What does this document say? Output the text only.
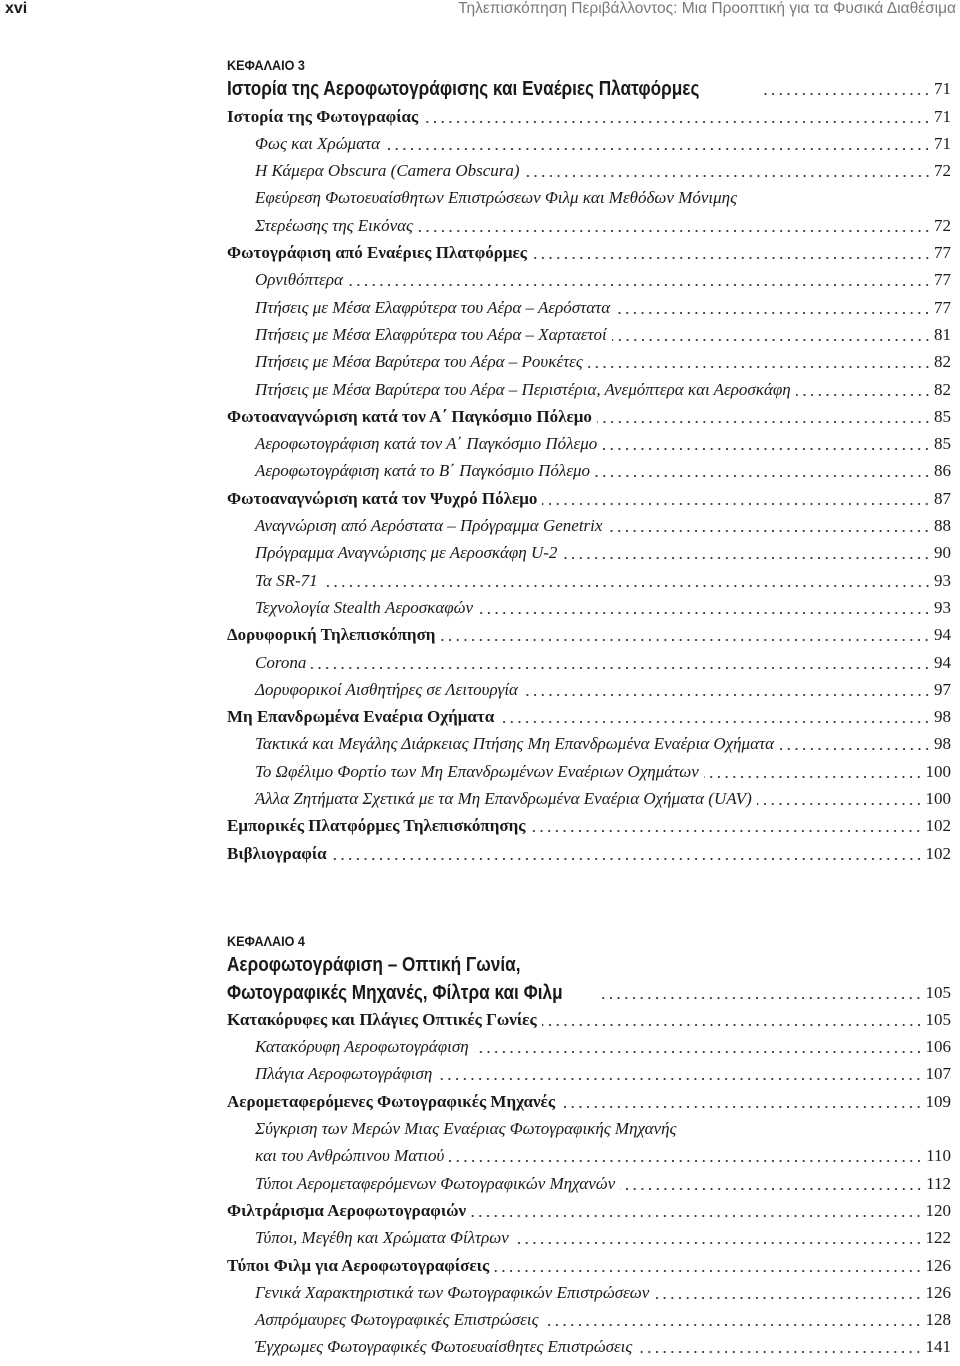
xvi	Τηλεπισκόπηση Περιβάλλοντος: Μια Προοπτική για τα Φυσικά Διαθέσιμα
ΚΕΦΑΛΑΙΟ 3
Ιστορία της Αεροφωτογράφισης και Εναέριες Πλατφόρμες	71
Ιστορία της Φωτογραφίας	71
Φως και Χρώματα	71
Η Κάμερα Obscura (Camera Obscura)	72
Εφεύρεση Φωτοευαίσθητων Επιστρώσεων Φιλμ και Μεθόδων Μόνιμης
Στερέωσης της Εικόνας	72
Φωτογράφιση από Εναέριες Πλατφόρμες	77
Ορνιθόπτερα	77
Πτήσεις με Μέσα Ελαφρύτερα του Αέρα – Αερόστατα	77
Πτήσεις με Μέσα Ελαφρύτερα του Αέρα – Χαρταετοί	81
Πτήσεις με Μέσα Βαρύτερα του Αέρα – Ρουκέτες	82
Πτήσεις με Μέσα Βαρύτερα του Αέρα – Περιστέρια, Ανεμόπτερα και Αεροσκάφη	82
Φωτοαναγνώριση κατά τον Α΄ Παγκόσμιο Πόλεμο	85
Αεροφωτογράφιση κατά τον Α΄ Παγκόσμιο Πόλεμο	85
Αεροφωτογράφιση κατά το Β΄ Παγκόσμιο Πόλεμο	86
Φωτοαναγνώριση κατά τον Ψυχρό Πόλεμο	87
Αναγνώριση από Αερόστατα – Πρόγραμμα Genetrix	88
Πρόγραμμα Αναγνώρισης με Αεροσκάφη U-2	90
Τα SR-71	93
Τεχνολογία Stealth Αεροσκαφών	93
Δορυφορική Τηλεπισκόπηση	94
Corona	94
Δορυφορικοί Αισθητήρες σε Λειτουργία	97
Μη Επανδρωμένα Εναέρια Οχήματα	98
Τακτικά και Μεγάλης Διάρκειας Πτήσης Μη Επανδρωμένα Εναέρια Οχήματα	98
Το Ωφέλιμο Φορτίο των Μη Επανδρωμένων Εναέριων Οχημάτων	100
Άλλα Ζητήματα Σχετικά με τα Μη Επανδρωμένα Εναέρια Οχήματα (UAV)	100
Εμπορικές Πλατφόρμες Τηλεπισκόπησης	102
Βιβλιογραφία	102
ΚΕΦΑΛΑΙΟ 4
Αεροφωτογράφιση – Οπτική Γωνία,
Φωτογραφικές Μηχανές, Φίλτρα και Φιλμ	105
Κατακόρυφες και Πλάγιες Οπτικές Γωνίες	105
Κατακόρυφη Αεροφωτογράφιση	106
Πλάγια Αεροφωτογράφιση	107
Αερομεταφερόμενες Φωτογραφικές Μηχανές	109
Σύγκριση των Μερών Μιας Εναέριας Φωτογραφικής Μηχανής
και του Ανθρώπινου Ματιού	110
Τύποι Αερομεταφερόμενων Φωτογραφικών Μηχανών	112
Φιλτράρισμα Αεροφωτογραφιών	120
Τύποι, Μεγέθη και Χρώματα Φίλτρων	122
Τύποι Φιλμ για Αεροφωτογραφίσεις	126
Γενικά Χαρακτηριστικά των Φωτογραφικών Επιστρώσεων	126
Ασπρόμαυρες Φωτογραφικές Επιστρώσεις	128
Έγχρωμες Φωτογραφικές Φωτοευαίσθητες Επιστρώσεις	141
